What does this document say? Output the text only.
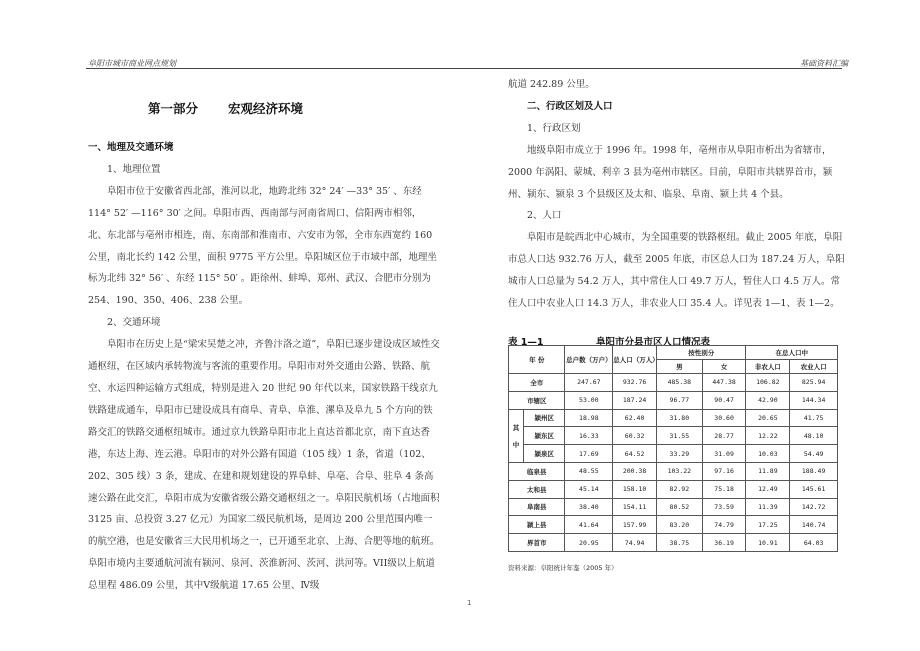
阜阳市城市商业网点规划	基础资料汇编
第一部分 宏观经济环境

一、地理及交通环境

1、地理位置

阜阳市位于安徽省西北部，淮河以北，地跨北纬 32° 24′ —33° 35′ 、东经 114° 52′ —116° 30′ 之间。阜阳市西、西南部与河南省周口、信阳两市相邻，北、东北部与亳州市相连，南、东南部和淮南市、六安市为邻，全市东西宽约 160 公里，南北长约 142 公里，面积 9775 平方公里。阜阳城区位于市域中部，地理坐标为北纬 32° 56′ 、东经 115° 50′ 。距徐州、蚌埠、郑州、武汉、合肥市分别为 254、190、350、406、238 公里。

2、交通环境

阜阳市在历史上是“梁宋吴楚之冲，齐鲁汴洛之道”，阜阳已逐步建设成区域性交通枢纽，在区域内承转物流与客流的重要作用。阜阳市对外交通由公路、铁路、航空、水运四种运输方式组成，特别是进入 20 世纪 90 年代以来，国家铁路干线京九铁路建成通车，阜阳市已建设成具有商阜、青阜、阜淮、漯阜及阜九 5 个方向的铁路交汇的铁路交通枢纽城市。通过京九铁路阜阳市北上直达首都北京，南下直达香港，东达上海、连云港。阜阳市的对外公路有国道（105 线）1 条，省道（102、202、305 线）3 条，建成、在建和规划建设的界阜蚌、阜亳、合阜、驻阜 4 条高速公路在此交汇，阜阳市成为安徽省级公路交通枢纽之一。阜阳民航机场（占地面积 3125 亩、总投资 3.27 亿元）为国家二级民航机场，是周边 200 公里范围内唯一的航空港，也是安徽省三大民用机场之一，已开通至北京、上海、合肥等地的航班。阜阳市境内主要通航河流有颍河、泉河、茨淮新河、茨河、洪河等。VII级以上航道总里程 486.09 公里，其中Ⅴ级航道 17.65 公里、Ⅳ级

航道 242.89 公里。

二、行政区划及人口

1、行政区划

地级阜阳市成立于 1996 年。1998 年，亳州市从阜阳市析出为省辖市，2000 年涡阳、蒙城、利辛 3 县为亳州市辖区。目前，阜阳市共辖界首市，颍州、颍东、颍泉 3 个县级区及太和、临泉、阜南、颍上共 4 个县。

2、人口

阜阳市是皖西北中心城市，为全国重要的铁路枢纽。截止 2005 年底，阜阳市总人口达 932.76 万人，截至 2005 年底，市区总人口为 187.24 万人，阜阳城市人口总量为 54.2 万人，其中常住人口 49.7 万人，暂住人口 4.5 万人。常住人口中农业人口 14.3 万人，非农业人口 35.4 人。详见表 1—1、表 1—2。

表 1—1	阜阳市分县市区人口情况表
年 份		总户数（万户）	总人口（万人）	按性别分		在总人口中	
				男	女	非农人口	农业人口
全市		247.67	932.76	485.38	447.38	106.82	825.94
市辖区		53.00	187.24	96.77	90.47	42.90	144.34
其

中	颍州区	18.98	62.40	31.80	30.60	20.65	41.75
	颍东区	16.33	60.32	31.55	28.77	12.22	48.10
	颍泉区	17.69	64.52	33.29	31.09	10.03	54.49
临泉县		48.55	200.38	103.22	97.16	11.89	188.49
太和县		45.14	158.10	82.92	75.18	12.49	145.61
阜南县		38.40	154.11	80.52	73.59	11.39	142.72
颍上县		41.64	157.99	83.20	74.79	17.25	140.74
界首市		20.95	74.94	38.75	36.19	10.91	64.03
资料来源：阜阳统计年鉴（2005 年）
1
